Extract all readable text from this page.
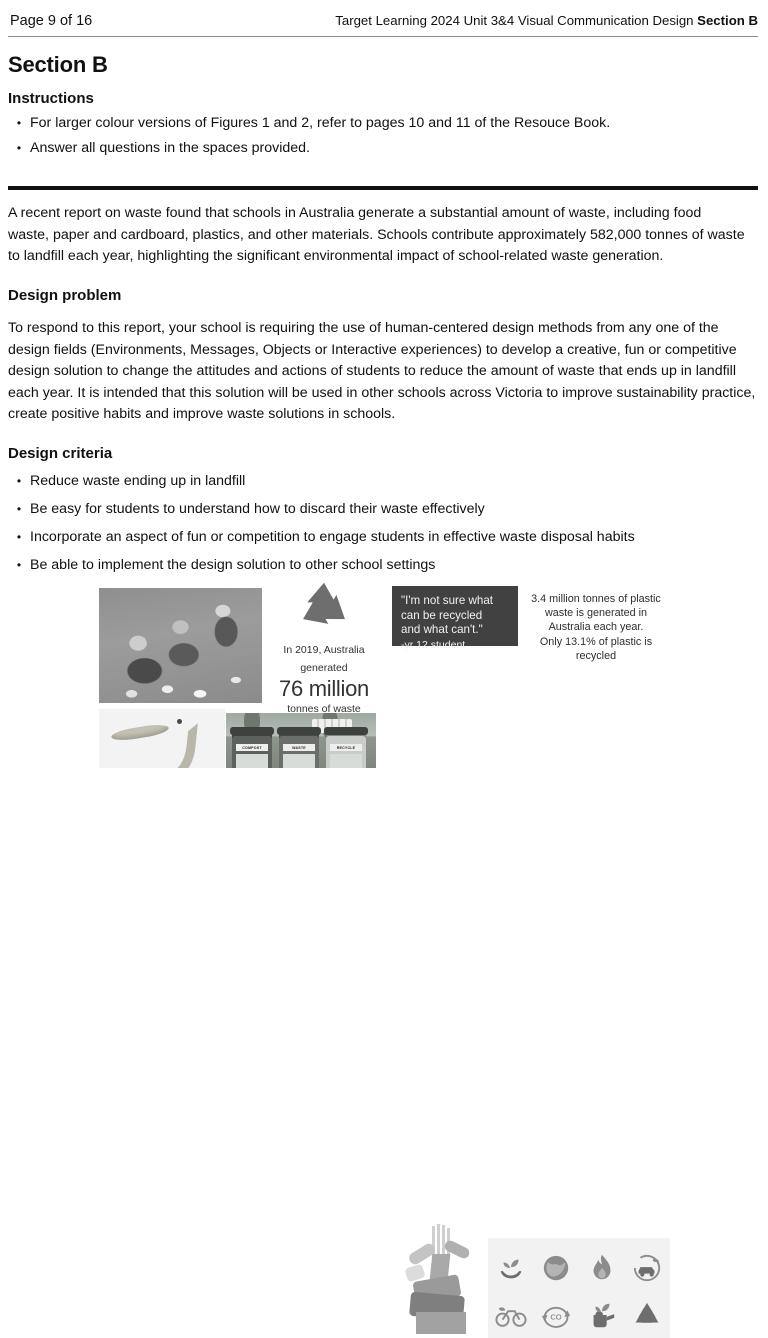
Page 9 of 16	Target Learning 2024 Unit 3&4 Visual Communication Design Section B
Section B
Instructions
• For larger colour versions of Figures 1 and 2, refer to pages 10 and 11 of the Resouce Book.
• Answer all questions in the spaces provided.
A recent report on waste found that schools in Australia generate a substantial amount of waste, including food waste, paper and cardboard, plastics, and other materials. Schools contribute approximately 582,000 tonnes of waste to landfill each year, highlighting the significant environmental impact of school-related waste generation.
Design problem
To respond to this report, your school is requiring the use of human-centered design methods from any one of the design fields (Environments, Messages, Objects or Interactive experiences) to develop a creative, fun or competitive design solution to change the attitudes and actions of students to reduce the amount of waste that ends up in landfill each year. It is intended that this solution will be used in other schools across Victoria to improve sustainability practice, create positive habits and improve waste solutions in schools.
Design criteria
• Reduce waste ending up in landfill
• Be easy for students to understand how to discard their waste effectively
• Incorporate an aspect of fun or competition to engage students in effective waste disposal habits
• Be able to implement the design solution to other school settings
COMPOST	WASTE	RECYCLE
In 2019, Australia generated
76 million
tonnes of waste
CO
"I'm not sure what
can be recycled
and what can't."
-yr 12 student
3.4 million tonnes of plastic
waste is generated in
Australia each year.
Only 13.1% of plastic is
recycled
